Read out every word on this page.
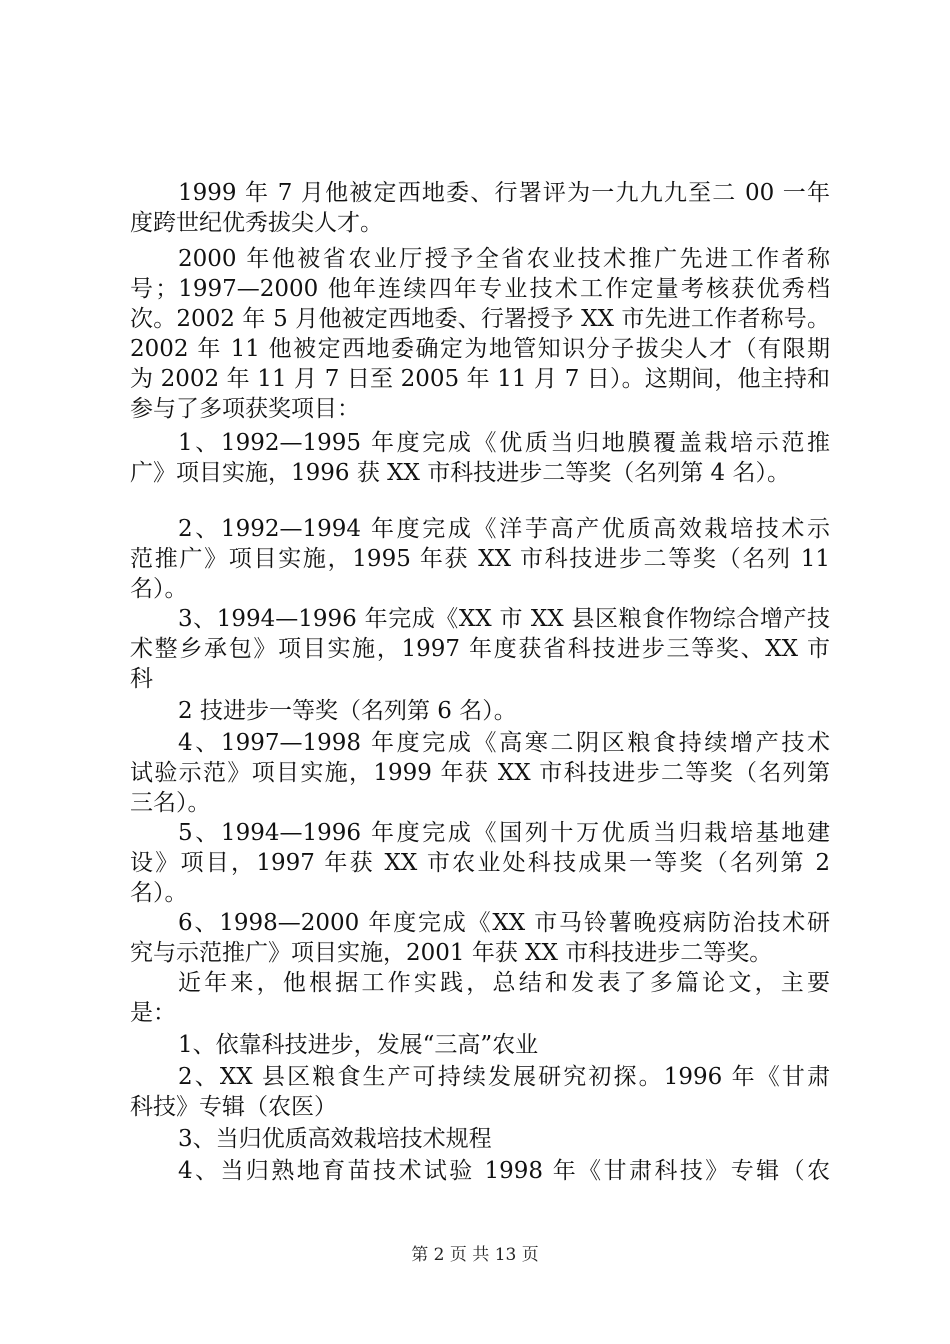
1999 年 7 月他被定西地委、行署评为一九九九至二 00 一年
度跨世纪优秀拔尖人才。
2000 年他被省农业厅授予全省农业技术推广先进工作者称
号；1997—2000 他年连续四年专业技术工作定量考核获优秀档
次。2002 年 5 月他被定西地委、行署授予 XX 市先进工作者称号。
2002 年 11 他被定西地委确定为地管知识分子拔尖人才（有限期
为 2002 年 11 月 7 日至 2005 年 11 月 7 日）。这期间，他主持和
参与了多项获奖项目：
1、1992—1995 年度完成《优质当归地膜覆盖栽培示范推
广》项目实施，1996 获 XX 市科技进步二等奖（名列第 4 名）。
2、1992—1994 年度完成《洋芋高产优质高效栽培技术示
范推广》项目实施，1995 年获 XX 市科技进步二等奖（名列 11
名）。
3、1994—1996 年完成《XX 市 XX 县区粮食作物综合增产技
术整乡承包》项目实施，1997 年度获省科技进步三等奖、XX 市
科
2 技进步一等奖（名列第 6 名）。
4、1997—1998 年度完成《高寒二阴区粮食持续增产技术
试验示范》项目实施，1999 年获 XX 市科技进步二等奖（名列第
三名）。
5、1994—1996 年度完成《国列十万优质当归栽培基地建
设》项目，1997 年获 XX 市农业处科技成果一等奖（名列第 2
名）。
6、1998—2000 年度完成《XX 市马铃薯晚疫病防治技术研
究与示范推广》项目实施，2001 年获 XX 市科技进步二等奖。
近年来，他根据工作实践，总结和发表了多篇论文，主要
是：
1、依靠科技进步，发展“三高”农业
2、XX 县区粮食生产可持续发展研究初探。1996 年《甘肃
科技》专辑（农医）
3、当归优质高效栽培技术规程
4、当归熟地育苗技术试验 1998 年《甘肃科技》专辑（农
第 2 页 共 13 页
